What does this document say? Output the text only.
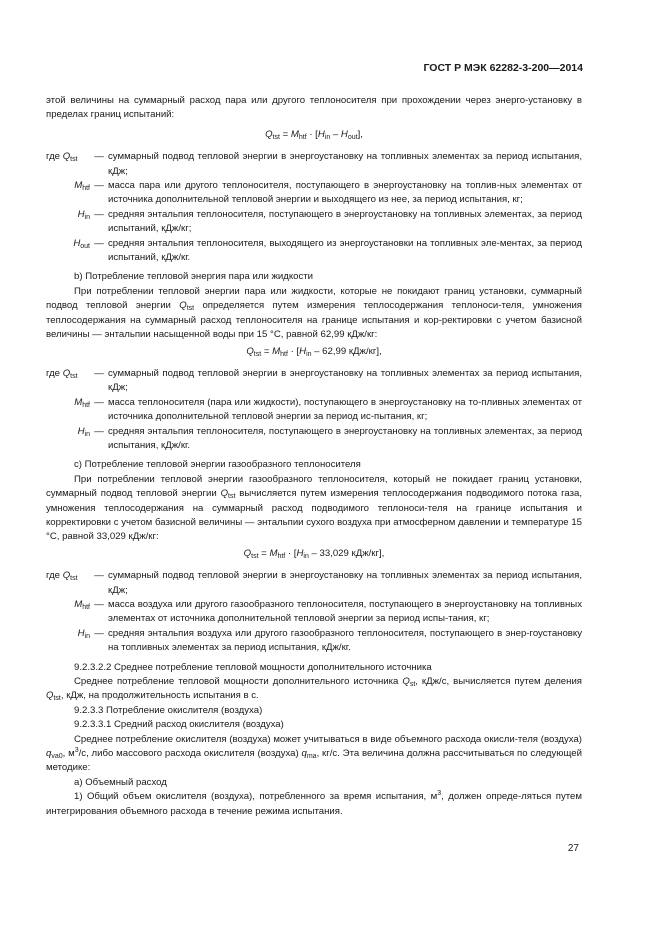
ГОСТ Р МЭК 62282-3-200—2014

этой величины на суммарный расход пара или другого теплоносителя при прохождении через энерго-установку в пределах границ испытаний:

$Q_{tst} = M_{htf} \cdot [H_{in} - H_{out}]$,
где $Q_{tst}$	— суммарный подвод тепловой энергии в энергоустановку на топливных элементах за период испытания, кДж;
$M_{htf}$ — масса пара или другого теплоносителя, поступающего в энергоустановку на топлив-ных элементах от источника дополнительной тепловой энергии и выходящего из нее, за период испытания, кг;
$H_{in}$ — средняя энтальпия теплоносителя, поступающего в энергоустановку на топливных элементах, за период испытаний, кДж/кг;
$H_{out}$ — средняя энтальпия теплоносителя, выходящего из энергоустановки на топливных эле-ментах, за период испытаний, кДж/кг.

b) Потребление тепловой энергия пара или жидкости

При потреблении тепловой энергии пара или жидкости, которые не покидают границ установки, суммарный подвод тепловой энергии $Q_{tst}$ определяется путем измерения теплосодержания теплоноси-теля, умножения теплосодержания на суммарный расход теплоносителя на границе испытания и кор-ректировки с учетом базисной величины — энтальпии насыщенной воды при 15 °C, равной 62,99 кДж/кг:

$Q_{tst} = M_{htf} \cdot [H_{in} - 62,99$ кДж/кг],
где $Q_{tst}$	— суммарный подвод тепловой энергии в энергоустановку на топливных элементах за период испытания, кДж;
$M_{htf}$ — масса теплоносителя (пара или жидкости), поступающего в энергоустановку на то-пливных элементах от источника дополнительной тепловой энергии за период ис-пытания, кг;
$H_{in}$ — средняя энтальпия теплоносителя, поступающего в энергоустановку на топливных элементах, за период испытания, кДж/кг.

c) Потребление тепловой энергии газообразного теплоносителя

При потреблении тепловой энергии газообразного теплоносителя, который не покидает границ установки, суммарный подвод тепловой энергии $Q_{tst}$ вычисляется путем измерения теплосодержания подводимого потока газа, умножения теплосодержания на суммарный расход подводимого теплоноси-теля на границе испытания и корректировки с учетом базисной величины — энтальпии сухого воздуха при атмосферном давлении и температуре 15 °C, равной 33,029 кДж/кг:

$Q_{tst} = M_{htf} \cdot [H_{in} - 33,029$ кДж/кг],
где $Q_{tst}$	— суммарный подвод тепловой энергии в энергоустановку на топливных элементах за период испытания, кДж;
$M_{htf}$ — масса воздуха или другого газообразного теплоносителя, поступающего в энергоустановку на топливных элементах от источника дополнительной тепловой энергии за период испы-тания, кг;
$H_{in}$ — средняя энтальпия воздуха или другого газообразного теплоносителя, поступающего в энер-гоустановку на топливных элементах за период испытания, кДж/кг.

9.2.3.2.2 Среднее потребление тепловой мощности дополнительного источника

Среднее потребление тепловой мощности дополнительного источника $Q_{st}$, кДж/с, вычисляется путем деления $Q_{tst}$, кДж, на продолжительность испытания в с.

9.2.3.3 Потребление окислителя (воздуха)

9.2.3.3.1 Средний расход окислителя (воздуха)

Среднее потребление окислителя (воздуха) может учитываться в виде объемного расхода окисли-теля (воздуха) $q_{va0}$, $м^3/с$, либо массового расхода окислителя (воздуха) $q_{ma}$, кг/с. Эта величина должна рассчитываться по следующей методике:

a) Объемный расход

1) Общий объем окислителя (воздуха), потребленного за время испытания, $м^3$, должен опреде-ляться путем интегрирования объемного расхода в течение режима испытания.

27
